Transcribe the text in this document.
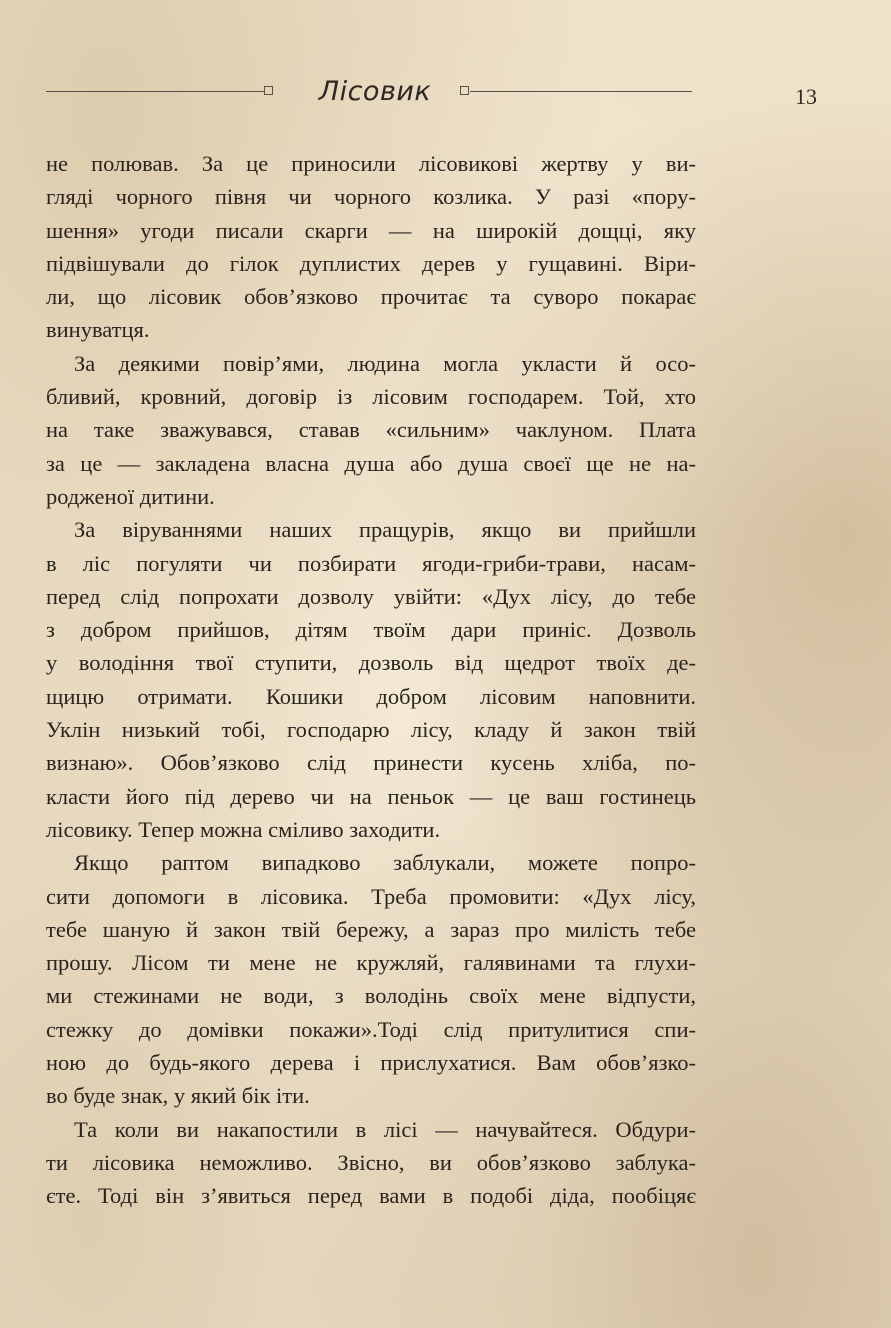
Лісовик	13
не полював. За це приносили лісовикові жертву у ви-
гляді чорного півня чи чорного козлика. У разі «пору-
шення» угоди писали скарги — на широкій дощці, яку
підвішували до гілок дуплистих дерев у гущавині. Віри-
ли, що лісовик обов’язково прочитає та суворо покарає
винуватця.
За деякими повір’ями, людина могла укласти й осо-
бливий, кровний, договір із лісовим господарем. Той, хто
на таке зважувався, ставав «сильним» чаклуном. Плата
за це — закладена власна душа або душа своєї ще не на-
родженої дитини.
За віруваннями наших пращурів, якщо ви прийшли
в ліс погуляти чи позбирати ягоди-гриби-трави, насам-
перед слід попрохати дозволу увійти: «Дух лісу, до тебе
з добром прийшов, дітям твоїм дари приніс. Дозволь
у володіння твої ступити, дозволь від щедрот твоїх де-
щицю отримати. Кошики добром лісовим наповнити.
Уклін низький тобі, господарю лісу, кладу й закон твій
визнаю». Обов’язково слід принести кусень хліба, по-
класти його під дерево чи на пеньок — це ваш гостинець
лісовику. Тепер можна сміливо заходити.
Якщо раптом випадково заблукали, можете попро-
сити допомоги в лісовика. Треба промовити: «Дух лісу,
тебе шаную й закон твій бережу, а зараз про милість тебе
прошу. Лісом ти мене не кружляй, галявинами та глухи-
ми стежинами не води, з володінь своїх мене відпусти,
стежку до домівки покажи».Тоді слід притулитися спи-
ною до будь-якого дерева і прислухатися. Вам обов’язко-
во буде знак, у який бік іти.
Та коли ви накапостили в лісі — начувайтеся. Обдури-
ти лісовика неможливо. Звісно, ви обов’язково заблука-
єте. Тоді він з’явиться перед вами в подобі діда, пообіцяє
